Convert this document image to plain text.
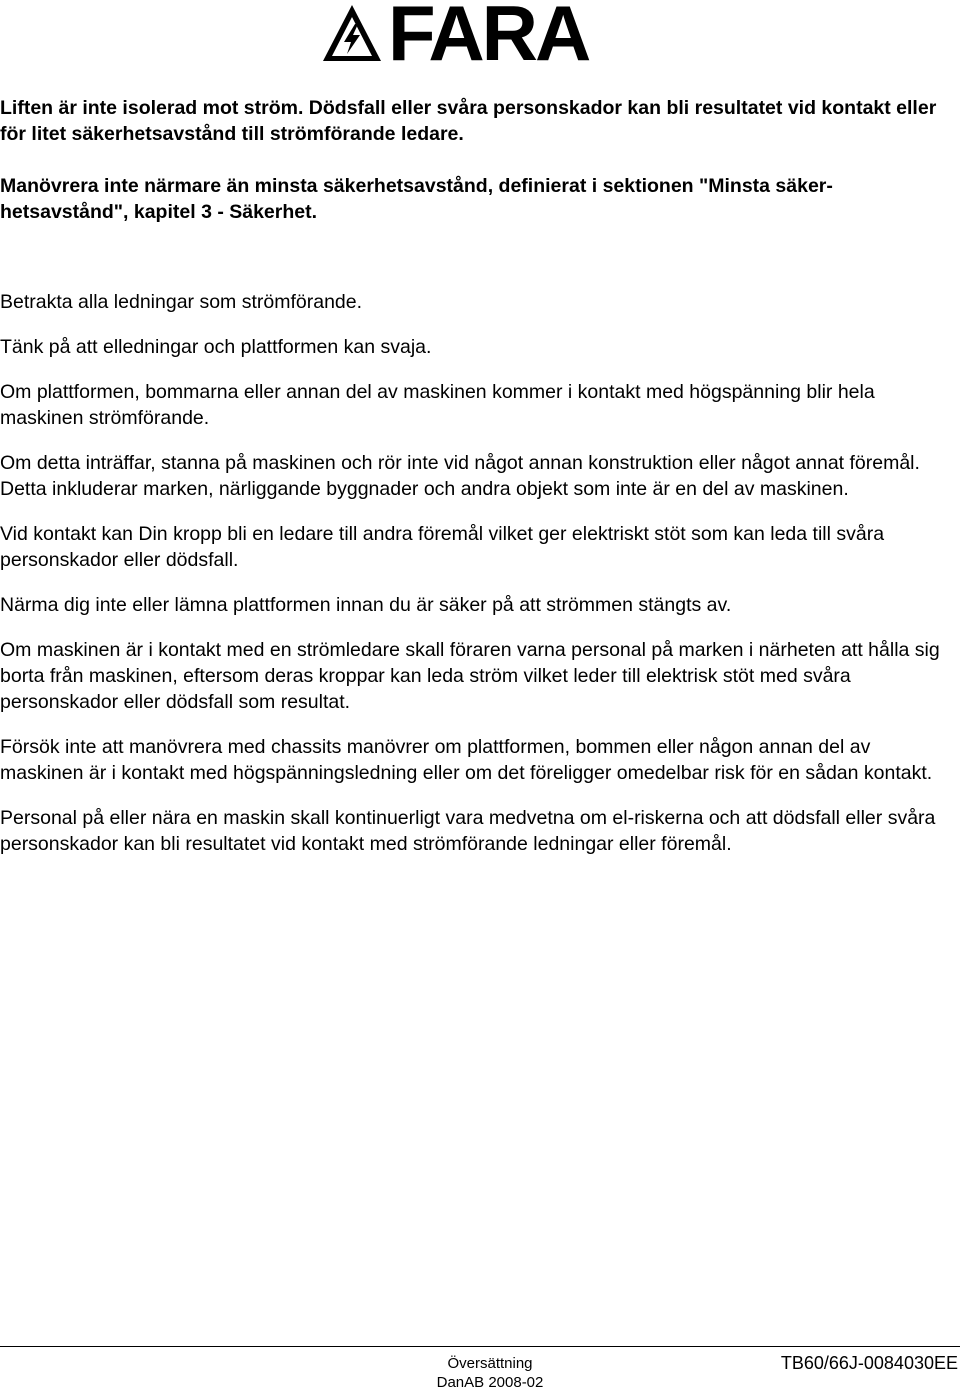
FARA

Liften är inte isolerad mot ström. Dödsfall eller svåra personskador kan bli resultatet vid kontakt eller för litet säkerhetsavstånd till strömförande ledare.

Manövrera inte närmare än minsta säkerhetsavstånd, definierat i sektionen "Minsta säker-hetsavstånd", kapitel 3 - Säkerhet.

Betrakta alla ledningar som strömförande.

Tänk på att elledningar och plattformen kan svaja.

Om plattformen, bommarna eller annan del av maskinen kommer i kontakt med högspänning blir hela maskinen strömförande.

Om detta inträffar, stanna på maskinen och rör inte vid något annan konstruktion eller något annat föremål. Detta inkluderar marken, närliggande byggnader och andra objekt som inte är en del av maskinen.

Vid kontakt kan Din kropp bli en ledare till andra föremål vilket ger elektriskt stöt som kan leda till svåra personskador eller dödsfall.

Närma dig inte eller lämna plattformen innan du är säker på att strömmen stängts av.

Om maskinen är i kontakt med en strömledare skall föraren varna personal på marken i närheten att hålla sig borta från maskinen, eftersom deras kroppar kan leda ström vilket leder till elektrisk stöt med svåra personskador eller dödsfall som resultat.

Försök inte att manövrera med chassits manövrer om plattformen, bommen eller någon annan del av maskinen är i kontakt med högspänningsledning eller om det föreligger omedelbar risk för en sådan kontakt.

Personal på eller nära en maskin skall kontinuerligt vara medvetna om el-riskerna och att dödsfall eller svåra personskador kan bli resultatet vid kontakt med strömförande ledningar eller föremål.

Översättning
DanAB 2008-02
TB60/66J-0084030EE
